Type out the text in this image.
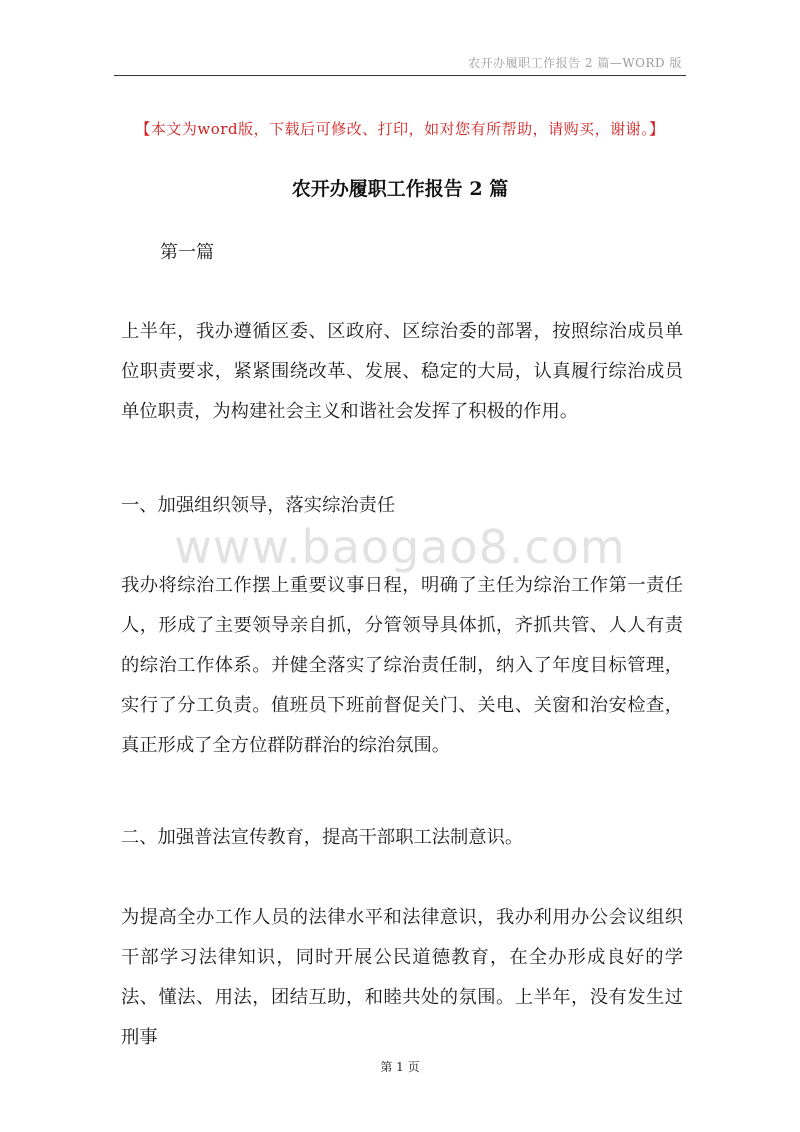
农开办履职工作报告 2 篇—WORD 版
【本文为word版，下载后可修改、打印，如对您有所帮助，请购买，谢谢。】
农开办履职工作报告 2 篇
第一篇
上半年，我办遵循区委、区政府、区综治委的部署，按照综治成员单位职责要求，紧紧围绕改革、发展、稳定的大局，认真履行综治成员单位职责，为构建社会主义和谐社会发挥了积极的作用。
一、加强组织领导，落实综治责任
www.baogao8.com
我办将综治工作摆上重要议事日程，明确了主任为综治工作第一责任人，形成了主要领导亲自抓，分管领导具体抓，齐抓共管、人人有责的综治工作体系。并健全落实了综治责任制，纳入了年度目标管理，实行了分工负责。值班员下班前督促关门、关电、关窗和治安检查，真正形成了全方位群防群治的综治氛围。
二、加强普法宣传教育，提高干部职工法制意识。
为提高全办工作人员的法律水平和法律意识，我办利用办公会议组织干部学习法律知识，同时开展公民道德教育，在全办形成良好的学法、懂法、用法，团结互助，和睦共处的氛围。上半年，没有发生过刑事
第 1 页
